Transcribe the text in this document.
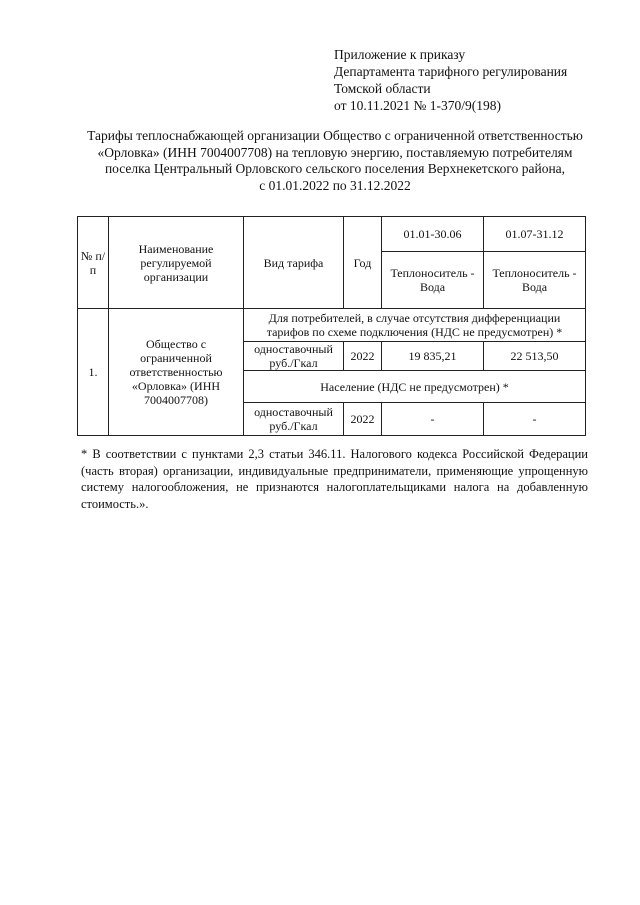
Приложение к приказу
Департамента тарифного регулирования
Томской области
от 10.11.2021 № 1-370/9(198)
Тарифы теплоснабжающей организации Общество с ограниченной ответственностью
«Орловка» (ИНН 7004007708) на тепловую энергию, поставляемую потребителям
поселка Центральный Орловского сельского поселения Верхнекетского района,
с 01.01.2022 по 31.12.2022
№ п/п	Наименование регулируемой организации	Вид тарифа	Год	01.01-30.06	01.07-31.12
				Теплоноситель - Вода	Теплоноситель - Вода
1.	Общество с ограниченной ответственностью «Орловка» (ИНН 7004007708)	Для потребителей, в случае отсутствия дифференциации тарифов по схеме подключения (НДС не предусмотрен) *			
		одноставочный руб./Гкал	2022	19 835,21	22 513,50
		Население (НДС не предусмотрен) *			
		одноставочный руб./Гкал	2022	-	-
* В соответствии с пунктами 2,3 статьи 346.11. Налогового кодекса Российской Федерации (часть вторая) организации, индивидуальные предприниматели, применяющие упрощенную систему налогообложения, не признаются налогоплательщиками налога на добавленную стоимость.».
